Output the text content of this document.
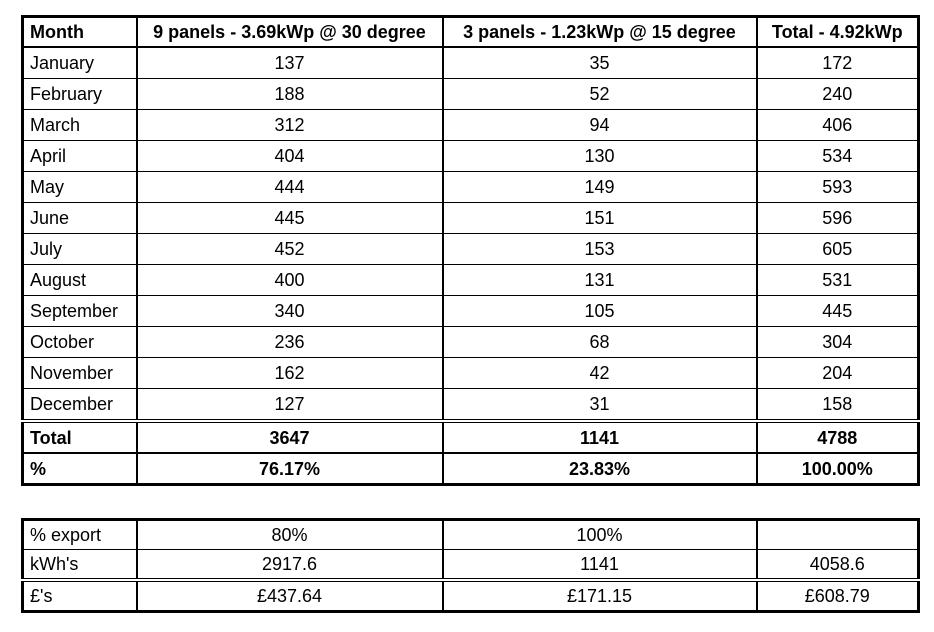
Month	9 panels - 3.69kWp @ 30 degree	3 panels - 1.23kWp @ 15 degree	Total - 4.92kWp
January	137	35	172
February	188	52	240
March	312	94	406
April	404	130	534
May	444	149	593
June	445	151	596
July	452	153	605
August	400	131	531
September	340	105	445
October	236	68	304
November	162	42	204
December	127	31	158
Total	3647	1141	4788
%	76.17%	23.83%	100.00%
% export	80%	100%	
kWh's	2917.6	1141	4058.6
£'s	£437.64	£171.15	£608.79
